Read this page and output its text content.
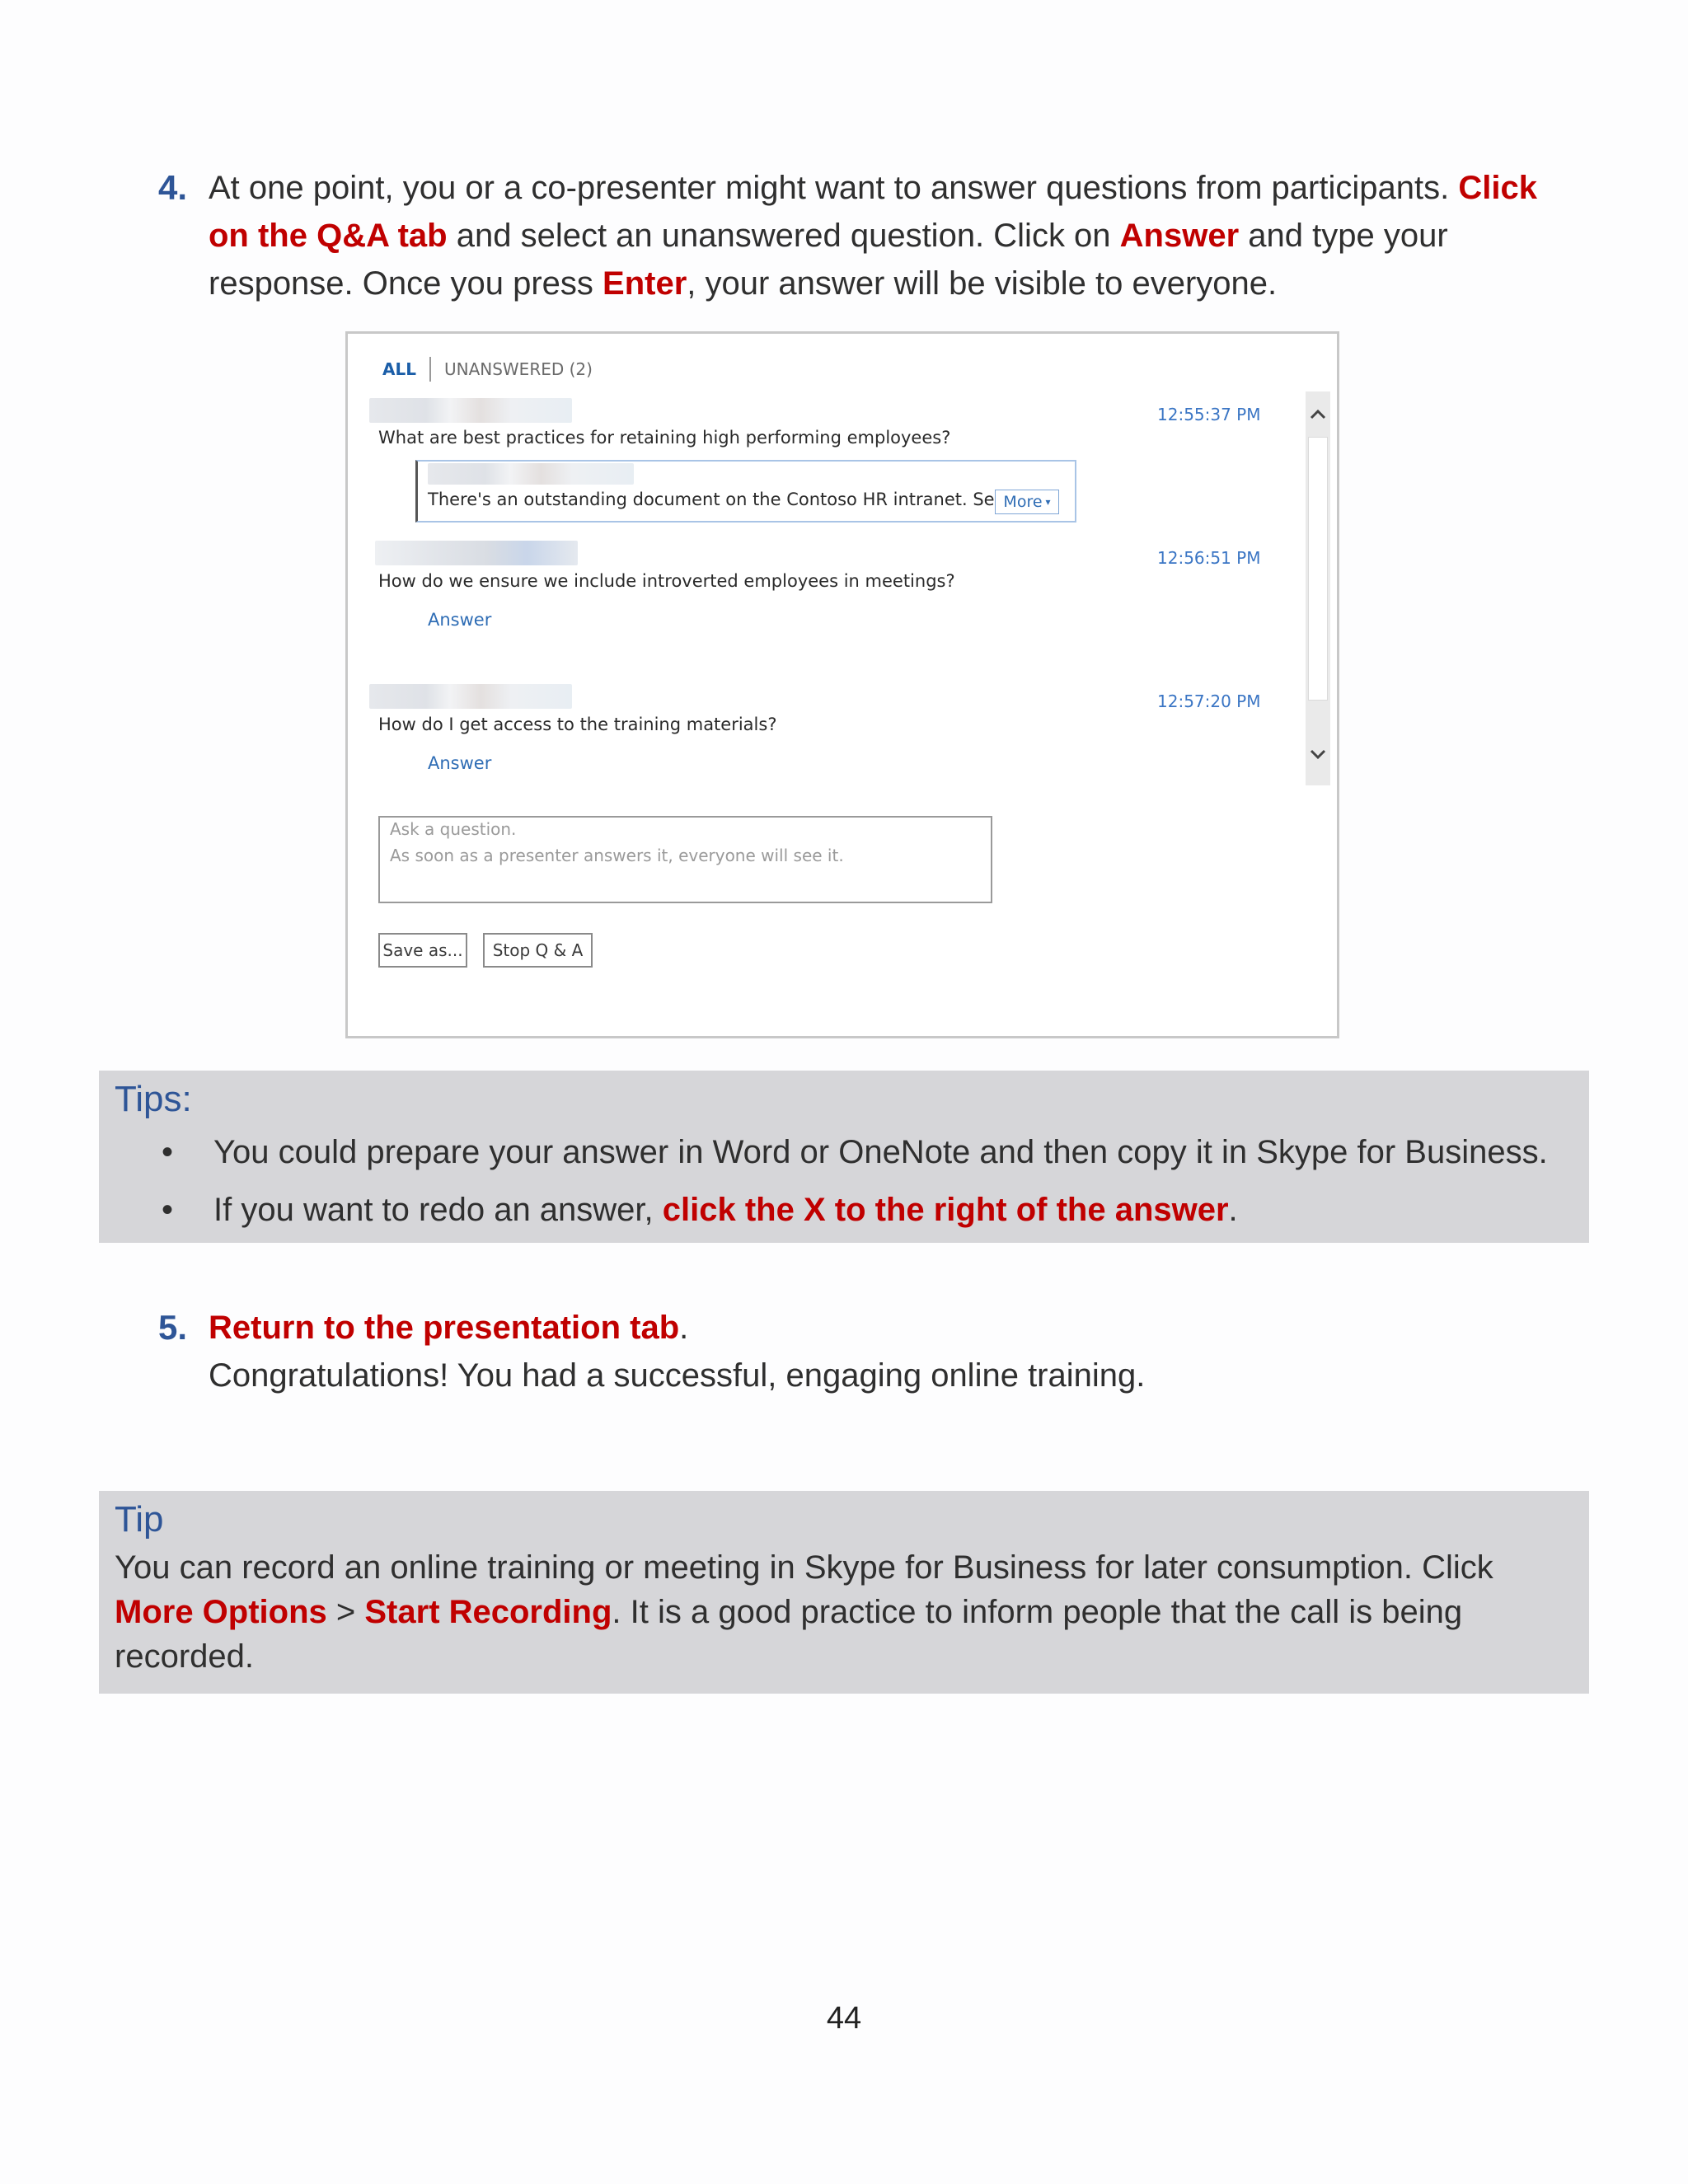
4. At one point, you or a co-presenter might want to answer questions from participants. Click on the Q&A tab and select an unanswered question. Click on Answer and type your response. Once you press Enter, your answer will be visible to everyone.
ALL UNANSWERED (2)
12:55:37 PM
What are best practices for retaining high performing employees?
There's an outstanding document on the Contoso HR intranet. Se More ▾
12:56:51 PM
How do we ensure we include introverted employees in meetings?
Answer
12:57:20 PM
How do I get access to the training materials?
Answer
Ask a question.
As soon as a presenter answers it, everyone will see it.
Save as...	Stop Q & A
Tips:
• You could prepare your answer in Word or OneNote and then copy it in Skype for Business.
• If you want to redo an answer, click the X to the right of the answer.
5. Return to the presentation tab.
Congratulations! You had a successful, engaging online training.
Tip
You can record an online training or meeting in Skype for Business for later consumption. Click More Options > Start Recording. It is a good practice to inform people that the call is being recorded.
44
